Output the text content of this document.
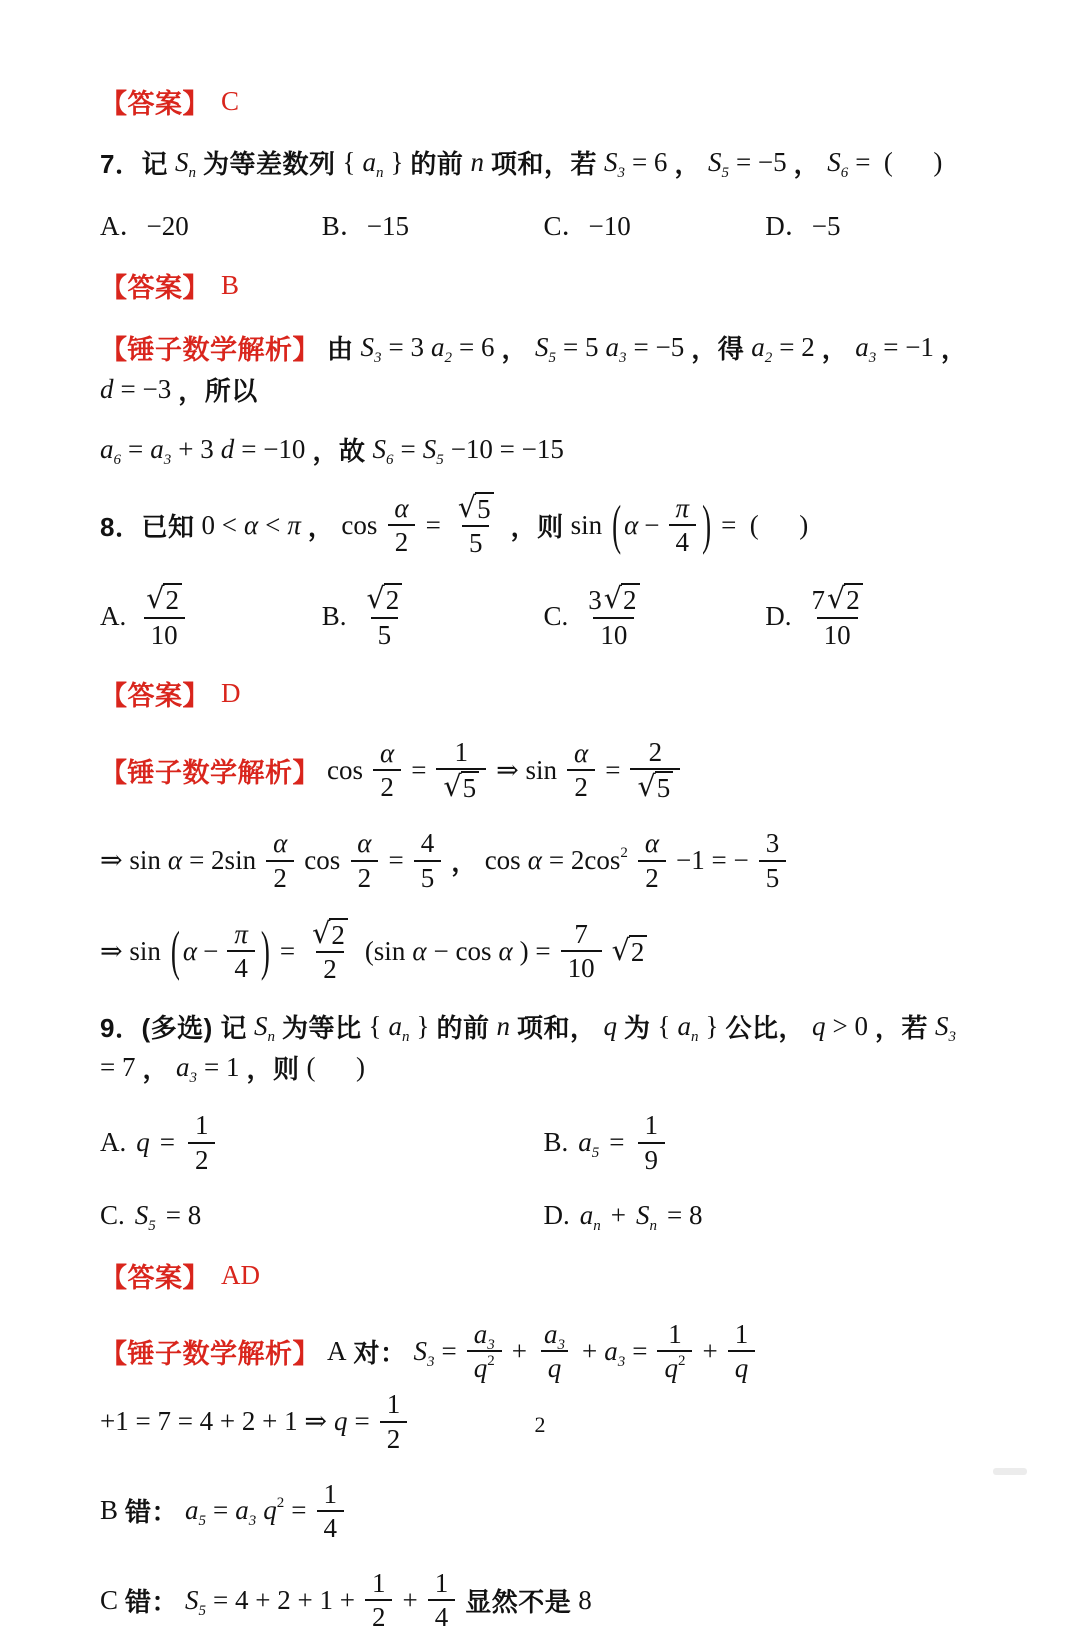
【答案】 C
7．记 $S_n$ 为等差数列 { $a_n$ } 的前 n 项和，若 $S_3 = 6$ ， $S_5 = -5$ ， $S_6$ =  (      )
A．−20	B．−15	C．−10	D．−5
【答案】 B
【锤子数学解析】 由 $S_3 = 3$ $a_2 = 6$ ， $S_5 = 5$ $a_3 = -5$ ，得 $a_2 = 2$ ， $a_3 = -1$ ，
d = −3 ，所以
$a_6 = a_3 + 3$ d = −10 ，故 $S_6 = S_5 -10 = -15$
8．已知 0 < α < π ， $\cos \frac{\alpha}{2} = \frac{√ 5}{5}$ ，则 sin ( $\alpha - \frac{\pi}{4}$ ) =  (      )
A. $\frac{√ 2}{10}$	B. $\frac{√ 2}{5}$	C. $\frac{3 √ 2}{10}$	D. $\frac{7 √ 2}{10}$
【答案】 D
【锤子数学解析】 $\cos \frac{\alpha}{2} = \frac{1}{√ 5}$ ⇒ $\sin \frac{\alpha}{2} = \frac{2}{√ 5}$
⇒ $\sin \alpha = 2\sin \frac{\alpha}{2}$ $\cos \frac{\alpha}{2} = \frac{4}{5}$ ， $\cos \alpha = 2\cos^2 \frac{\alpha}{2} -1$ = − $\frac{3}{5}$
⇒ sin ( $\alpha - \frac{\pi}{4}$ ) = $\frac{√ 2}{2} (\sin$ α − cos α ) = $\frac{7}{10}$ √ 2
9．(多选) 记 $S_n$ 为等比 { $a_n$ } 的前 n 项和， q 为 { $a_n$ } 公比， q > 0 ，若 $S_3$
= 7 ， $a_3 = 1$ ，则 (      )
A. $q = \frac{1}{2}$	B. $a_5 = \frac{1}{9}$
C. $S_5 = 8$	D. $a_n + S_n = 8$
【答案】 AD
【锤子数学解析】 A 对： $S_3 = \frac{a_3}{q^2} + \frac{a_3}{q} + a_3 = \frac{1}{q^2} + \frac{1}{q}$
+1 = 7 = 4 + 2 + 1 ⇒ $q = \frac{1}{2}$
B 错： $a_5 = a_3$ $q^2 = \frac{1}{4}$
C 错： $S_5 = 4 + 2 + 1 + \frac{1}{2} + \frac{1}{4}$ 显然不是 8
2
